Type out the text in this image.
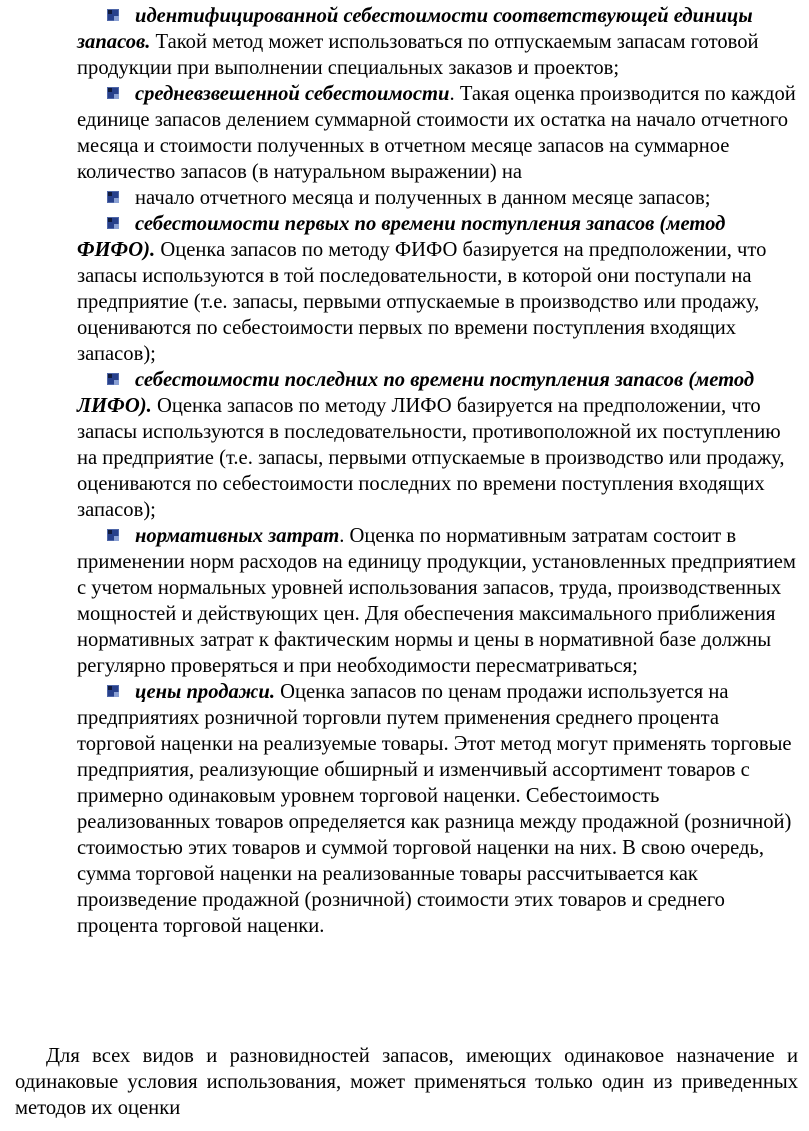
идентифицированной себестоимости соответствующей единицы запасов. Такой метод может использоваться по отпускаемым запасам готовой продукции при выполнении специальных заказов и проектов;

средневзвешенной себестоимости. Такая оценка производится по каждой единице запасов делением суммарной стоимости их остатка на начало отчетного месяца и стоимости полученных в отчетном месяце запасов на суммарное количество запасов (в натуральном выражении) на

начало отчетного месяца и полученных в данном месяце запасов;

себестоимости первых по времени поступления запасов (метод ФИФО). Оценка запасов по методу ФИФО базируется на предположении, что запасы используются в той последовательности, в которой они поступали на предприятие (т.е. запасы, первыми отпускаемые в производство или продажу, оцениваются по себестоимости первых по времени поступления входящих запасов);

себестоимости последних по времени поступления запасов (метод ЛИФО). Оценка запасов по методу ЛИФО базируется на предположении, что запасы используются в последовательности, противоположной их поступлению на предприятие (т.е. запасы, первыми отпускаемые в производство или продажу, оцениваются по себестоимости последних по времени поступления входящих запасов);

нормативных затрат. Оценка по нормативным затратам состоит в применении норм расходов на единицу продукции, установленных предприятием с учетом нормальных уровней использования запасов, труда, производственных мощностей и действующих цен. Для обеспечения максимального приближения нормативных затрат к фактическим нормы и цены в нормативной базе должны регулярно проверяться и при необходимости пересматриваться;

цены продажи. Оценка запасов по ценам продажи используется на предприятиях розничной торговли путем применения среднего процента торговой наценки на реализуемые товары. Этот метод могут применять торговые предприятия, реализующие обширный и изменчивый ассортимент товаров с примерно одинаковым уровнем торговой наценки. Себестоимость реализованных товаров определяется как разница между продажной (розничной) стоимостью этих товаров и суммой торговой наценки на них. В свою очередь, сумма торговой наценки на реализованные товары рассчитывается как произведение продажной (розничной) стоимости этих товаров и среднего процента торговой наценки.

Для всех видов и разновидностей запасов, имеющих одинаковое назначение и одинаковые условия использования, может применяться только один из приведенных методов их оценки
